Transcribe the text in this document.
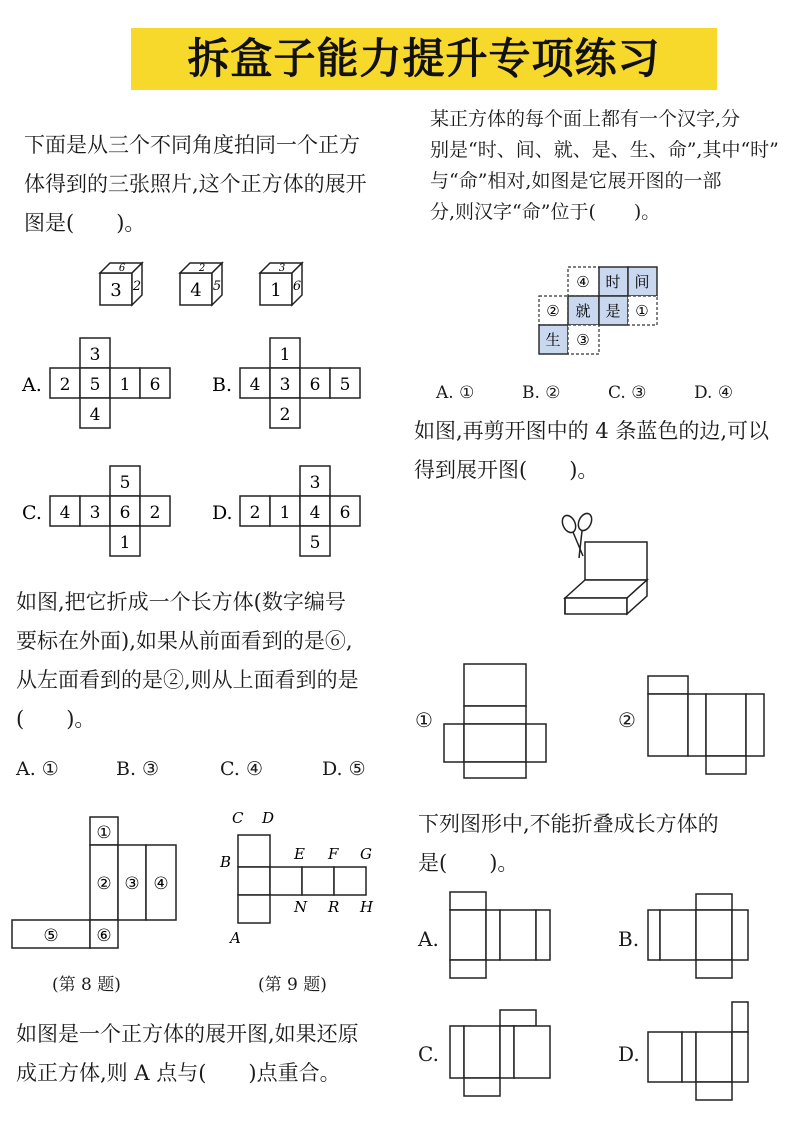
拆盒子能力提升专项练习
下面是从三个不同角度拍同一个正方
体得到的三张照片,这个正方体的展开
图是(　　)。
3
6
2	4
2
5	1
3
6
A.
3
2 5 1 6
4
B.
1
4 3 6 5
2
C.
5
4 3 6 2
1
D.
3
2 1 4 6
5
如图,把它折成一个长方体(数字编号
要标在外面),如果从前面看到的是⑥,
从左面看到的是②,则从上面看到的是
(　　)。
A. ①	B. ③	C. ④	D. ⑤
①
② ③ ④
⑤ ⑥
(第 8 题)
C D
B	E F G
N R H
A
(第 9 题)
如图是一个正方体的展开图,如果还原
成正方体,则 A 点与(　　)点重合。
某正方体的每个面上都有一个汉字,分
别是“时、间、就、是、生、命”,其中“时”
与“命”相对,如图是它展开图的一部
分,则汉字“命”位于(　　)。
④ 时 间
② 就 是 ①
生 ③
A. ①	B. ②	C. ③	D. ④
如图,再剪开图中的 4 条蓝色的边,可以
得到展开图(　　)。
①	②
下列图形中,不能折叠成长方体的
是(　　)。
A.	B.
C.	D.
